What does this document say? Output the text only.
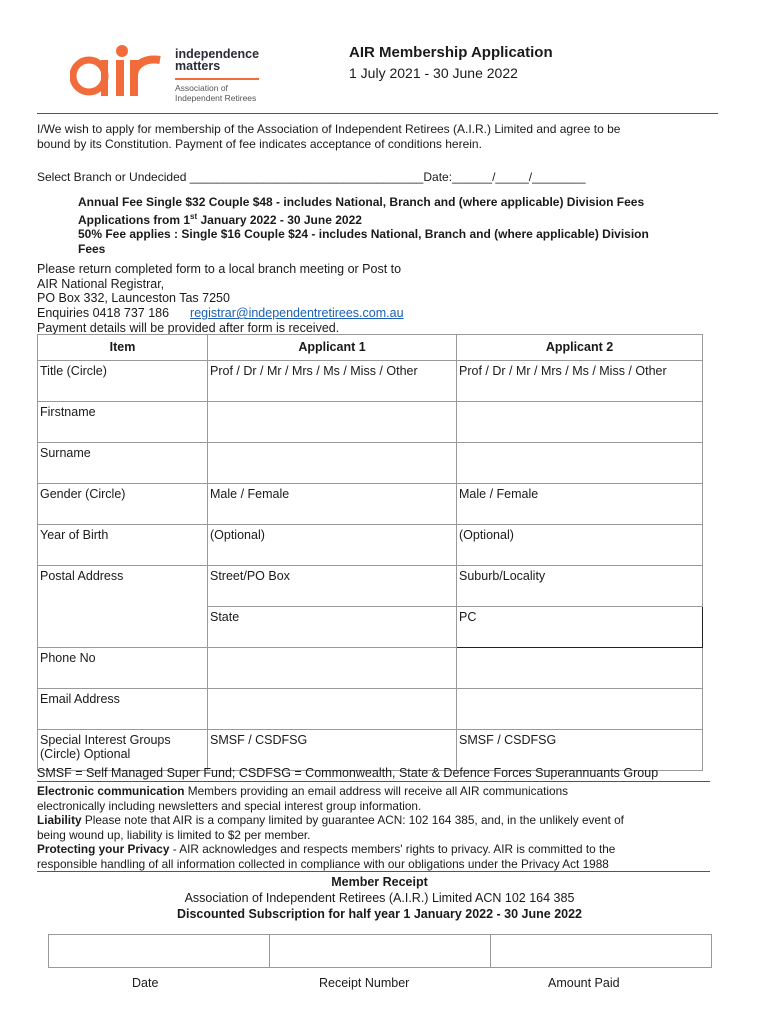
independence
matters
Association of
Independent Retirees
AIR Membership Application
1 July 2021 - 30 June 2022
I/We wish to apply for membership of the Association of Independent Retirees (A.I.R.) Limited and agree to be
bound by its Constitution. Payment of fee indicates acceptance of conditions herein.
Select Branch or Undecided ___________________________________Date:______/_____/________
Annual Fee Single $32 Couple $48 - includes National, Branch and (where applicable) Division Fees
Applications from 1st January 2022 - 30 June 2022
50% Fee applies : Single $16 Couple $24 - includes National, Branch and (where applicable) Division
Fees
Please return completed form to a local branch meeting or Post to
AIR National Registrar,
PO Box 332, Launceston Tas 7250
Enquiries 0418 737 186 registrar@independentretirees.com.au
Payment details will be provided after form is received.
Item	Applicant 1	Applicant 2
Title (Circle)	Prof / Dr / Mr / Mrs / Ms / Miss / Other	Prof / Dr / Mr / Mrs / Ms / Miss / Other
Firstname		
Surname		
Gender (Circle)	Male / Female	Male / Female
Year of Birth	(Optional)	(Optional)
Postal Address	Street/PO Box	Suburb/Locality
	State	PC
Phone No		
Email Address		

Special Interest Groups
(Circle) Optional	SMSF / CSDFSG	SMSF / CSDFSG
SMSF = Self Managed Super Fund; CSDFSG = Commonwealth, State & Defence Forces Superannuants Group
Electronic communication Members providing an email address will receive all AIR communications
electronically including newsletters and special interest group information.
Liability Please note that AIR is a company limited by guarantee ACN: 102 164 385, and, in the unlikely event of
being wound up, liability is limited to $2 per member.
Protecting your Privacy - AIR acknowledges and respects members' rights to privacy. AIR is committed to the
responsible handling of all information collected in compliance with our obligations under the Privacy Act 1988
Member Receipt
Association of Independent Retirees (A.I.R.) Limited ACN 102 164 385
Discounted Subscription for half year 1 January 2022 - 30 June 2022

Date	Receipt Number	Amount Paid
